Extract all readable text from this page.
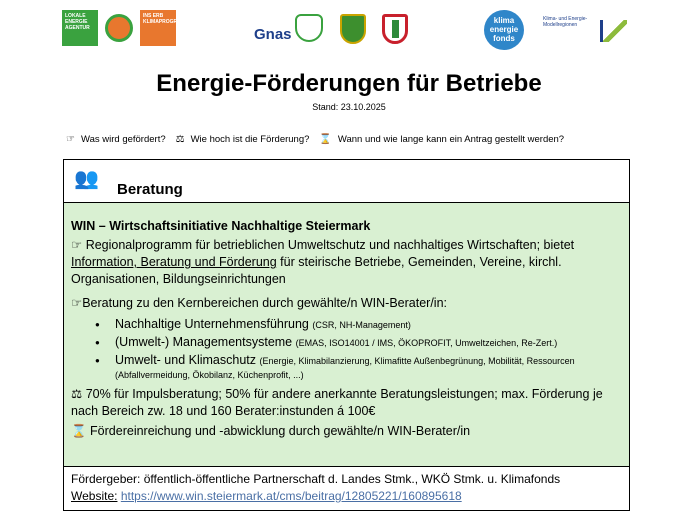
LOKALE ENERGIE AGENTUR
INS ERB KLIMAPROGRAMM
Gnas
klima energie fonds
Klima- und Energie-Modellregionen
Energie-Förderungen für Betriebe
Stand: 23.10.2025
☞ Was wird gefördert? ⚖ Wie hoch ist die Förderung? ⌛ Wann und wie lange kann ein Antrag gestellt werden?
👥 Beratung
WIN – Wirtschaftsinitiative Nachhaltige Steiermark
☞ Regionalprogramm für betrieblichen Umweltschutz und nachhaltiges Wirtschaften; bietet Information, Beratung und Förderung für steirische Betriebe, Gemeinden, Vereine, kirchl. Organisationen, Bildungseinrichtungen
☞Beratung zu den Kernbereichen durch gewählte/n WIN-Berater/in:
● Nachhaltige Unternehmensführung (CSR, NH-Management)
● (Umwelt-) Managementsysteme (EMAS, ISO14001 / IMS, ÖKOPROFIT, Umweltzeichen, Re-Zert.)
● Umwelt- und Klimaschutz (Energie, Klimabilanzierung, Klimafitte Außenbegrünung, Mobilität, Ressourcen (Abfallvermeidung, Ökobilanz, Küchenprofit, ...)
⚖ 70% für Impulsberatung; 50% für andere anerkannte Beratungsleistungen; max. Förderung je nach Bereich zw. 18 und 160 Berater:instunden á 100€
⌛ Fördereinreichung und -abwicklung durch gewählte/n WIN-Berater/in
Fördergeber: öffentlich-öffentliche Partnerschaft d. Landes Stmk., WKÖ Stmk. u. Klimafonds
Website: https://www.win.steiermark.at/cms/beitrag/12805221/160895618
